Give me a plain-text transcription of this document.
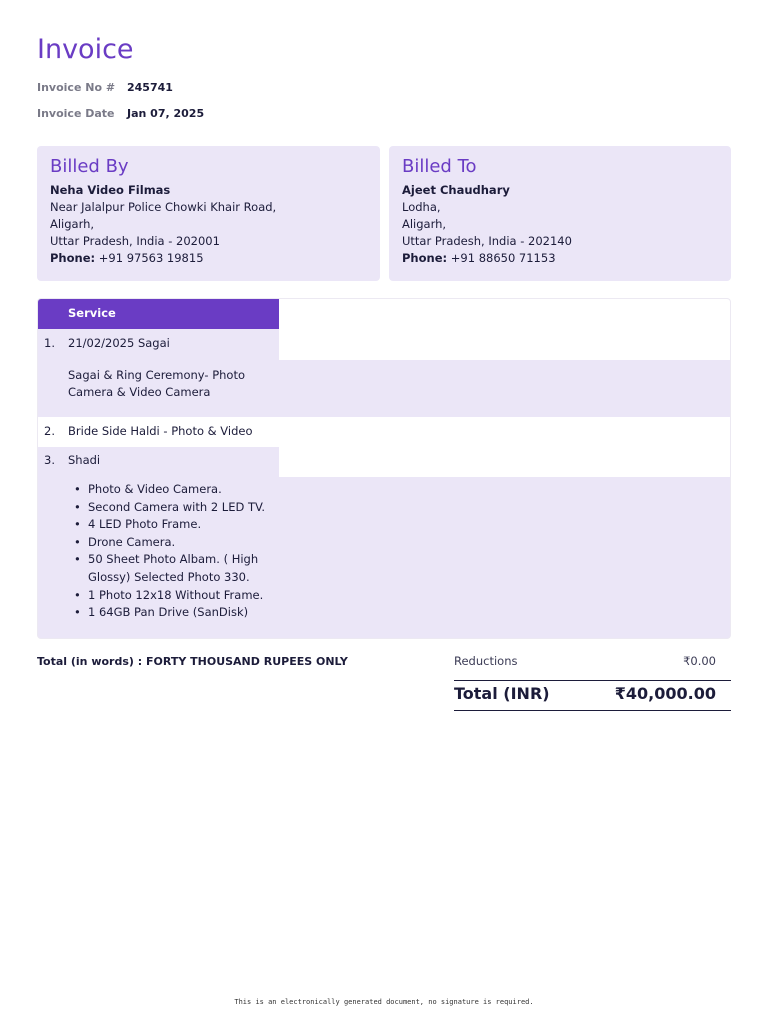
Invoice
Invoice No # 245741
Invoice Date Jan 07, 2025
Billed By
Neha Video Filmas
Near Jalalpur Police Chowki Khair Road,
Aligarh,
Uttar Pradesh, India - 202001
Phone: +91 97563 19815
Billed To
Ajeet Chaudhary
Lodha,
Aligarh,
Uttar Pradesh, India - 202140
Phone: +91 88650 71153
Service
1. 21/02/2025 Sagai
Sagai & Ring Ceremony- Photo
Camera & Video Camera
2. Bride Side Haldi - Photo & Video
3. Shadi
• Photo & Video Camera.
• Second Camera with 2 LED TV.
• 4 LED Photo Frame.
• Drone Camera.
• 50 Sheet Photo Albam. ( High Glossy) Selected Photo 330.
• 1 Photo 12x18 Without Frame.
• 1 64GB Pan Drive (SanDisk)
Total (in words) : FORTY THOUSAND RUPEES ONLY	Reductions	₹0.00
Total (INR)	₹40,000.00
This is an electronically generated document, no signature is required.
